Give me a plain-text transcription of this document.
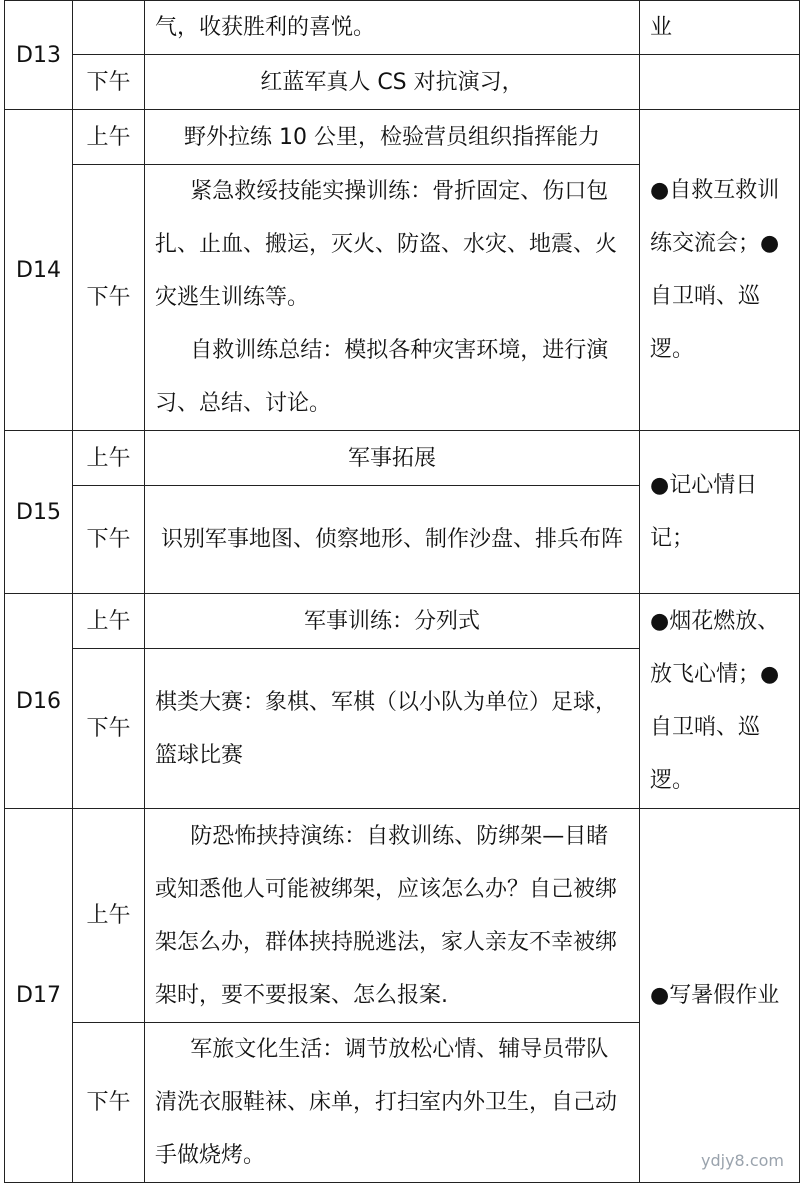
D13		气，收获胜利的喜悦。	业
	下午	红蓝军真人 CS 对抗演习，	
D14	上午	野外拉练 10 公里，检验营员组织指挥能力	●自救互救训练交流会；●自卫哨、巡逻。
	下午	紧急救绥技能实操训练：骨折固定、伤口包扎、止血、搬运，灭火、防盗、水灾、地震、火灾逃生训练等。

自救训练总结：模拟各种灾害环境，进行演习、总结、讨论。	

D15	上午	军事拓展	●记心情日记；
	下午	识别军事地图、侦察地形、制作沙盘、排兵布阵	

D16	上午	军事训练：分列式	●烟花燃放、放飞心情；●自卫哨、巡逻。
	下午	棋类大赛：象棋、军棋（以小队为单位）足球，篮球比赛	
D17	上午	防恐怖挟持演练：自救训练、防绑架—目睹或知悉他人可能被绑架，应该怎么办？自己被绑架怎么办，群体挟持脱逃法，家人亲友不幸被绑架时，要不要报案、怎么报案.	●写暑假作业
	下午	军旅文化生活：调节放松心情、辅导员带队清洗衣服鞋袜、床单，打扫室内外卫生，自己动手做烧烤。		ydjy8.com
